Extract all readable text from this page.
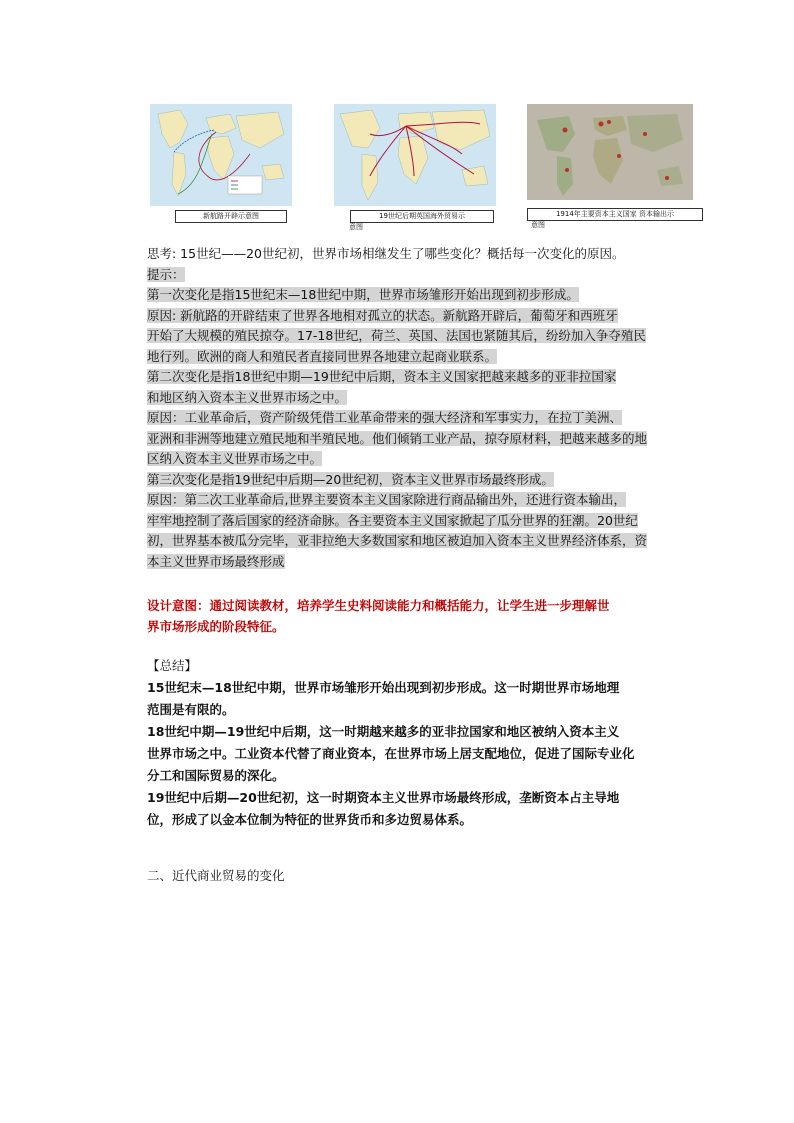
新航路开辟示意图	19世纪后期英国海外贸易示
意图
1914年主要资本主义国家 资本输出示
意图
思考: 15世纪——20世纪初，世界市场相继发生了哪些变化？概括每一次变化的原因。
提示：
第一次变化是指15世纪末—18世纪中期，世界市场雏形开始出现到初步形成。
原因: 新航路的开辟结束了世界各地相对孤立的状态。新航路开辟后，葡萄牙和西班牙
开始了大规模的殖民掠夺。17-18世纪，荷兰、英国、法国也紧随其后，纷纷加入争夺殖民
地行列。欧洲的商人和殖民者直接同世界各地建立起商业联系。
第二次变化是指18世纪中期—19世纪中后期，资本主义国家把越来越多的亚非拉国家
和地区纳入资本主义世界市场之中。
原因：工业革命后，资产阶级凭借工业革命带来的强大经济和军事实力，在拉丁美洲、
亚洲和非洲等地建立殖民地和半殖民地。他们倾销工业产品，掠夺原材料，把越来越多的地
区纳入资本主义世界市场之中。
第三次变化是指19世纪中后期—20世纪初，资本主义世界市场最终形成。
原因：第二次工业革命后,世界主要资本主义国家除进行商品输出外，还进行资本输出，
牢牢地控制了落后国家的经济命脉。各主要资本主义国家掀起了瓜分世界的狂潮。20世纪
初，世界基本被瓜分完毕，亚非拉绝大多数国家和地区被迫加入资本主义世界经济体系，资
本主义世界市场最终形成
设计意图：通过阅读教材，培养学生史料阅读能力和概括能力，让学生进一步理解世
界市场形成的阶段特征。
【总结】
15世纪末—18世纪中期，世界市场雏形开始出现到初步形成。这一时期世界市场地理
范围是有限的。
18世纪中期—19世纪中后期，这一时期越来越多的亚非拉国家和地区被纳入资本主义
世界市场之中。工业资本代替了商业资本，在世界市场上居支配地位，促进了国际专业化
分工和国际贸易的深化。
19世纪中后期—20世纪初，这一时期资本主义世界市场最终形成，垄断资本占主导地
位，形成了以金本位制为特征的世界货币和多边贸易体系。
二、近代商业贸易的变化
